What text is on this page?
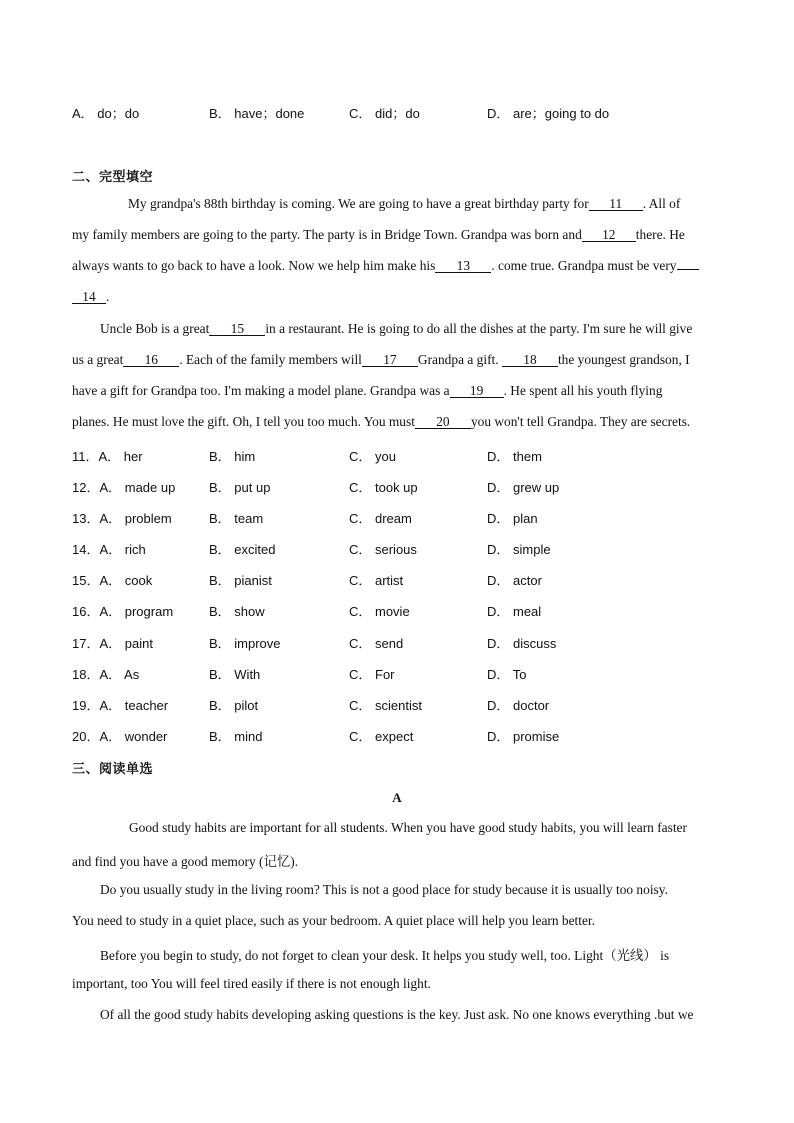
A． do；do	B． have；done	C． did；do	D． are；going to do
二、完型填空
My grandpa's 88th birthday is coming. We are going to have a great birthday party for 11 . All of
my family members are going to the party. The party is in Bridge Town. Grandpa was born and 12 there. He
always wants to go back to have a look. Now we help him make his 13 . come true. Grandpa must be very
14 .
Uncle Bob is a great 15 in a restaurant. He is going to do all the dishes at the party. I'm sure he will give
us a great 16 . Each of the family members will 17 Grandpa a gift. 18 the youngest grandson, I
have a gift for Grandpa too. I'm making a model plane. Grandpa was a 19 . He spent all his youth flying
planes. He must love the gift. Oh, I tell you too much. You must 20 you won't tell Grandpa. They are secrets.
11．A． her	B． him	C． you	D． them
12．A． made up	B． put up	C． took up	D． grew up
13．A． problem	B． team	C． dream	D． plan
14．A． rich	B． excited	C． serious	D． simple
15．A． cook	B． pianist	C． artist	D． actor
16．A． program	B． show	C． movie	D． meal
17．A． paint	B． improve	C． send	D． discuss
18．A． As	B． With	C． For	D． To
19．A． teacher	B． pilot	C． scientist	D． doctor
20．A． wonder	B． mind	C． expect	D． promise
三、阅读单选
A
Good study habits are important for all students. When you have good study habits, you will learn faster
and find you have a good memory (记忆).
Do you usually study in the living room? This is not a good place for study because it is usually too noisy.
You need to study in a quiet place, such as your bedroom. A quiet place will help you learn better.
Before you begin to study, do not forget to clean your desk. It helps you study well, too. Light（光线） is
important, too You will feel tired easily if there is not enough light.
Of all the good study habits developing asking questions is the key. Just ask. No one knows everything .but we
